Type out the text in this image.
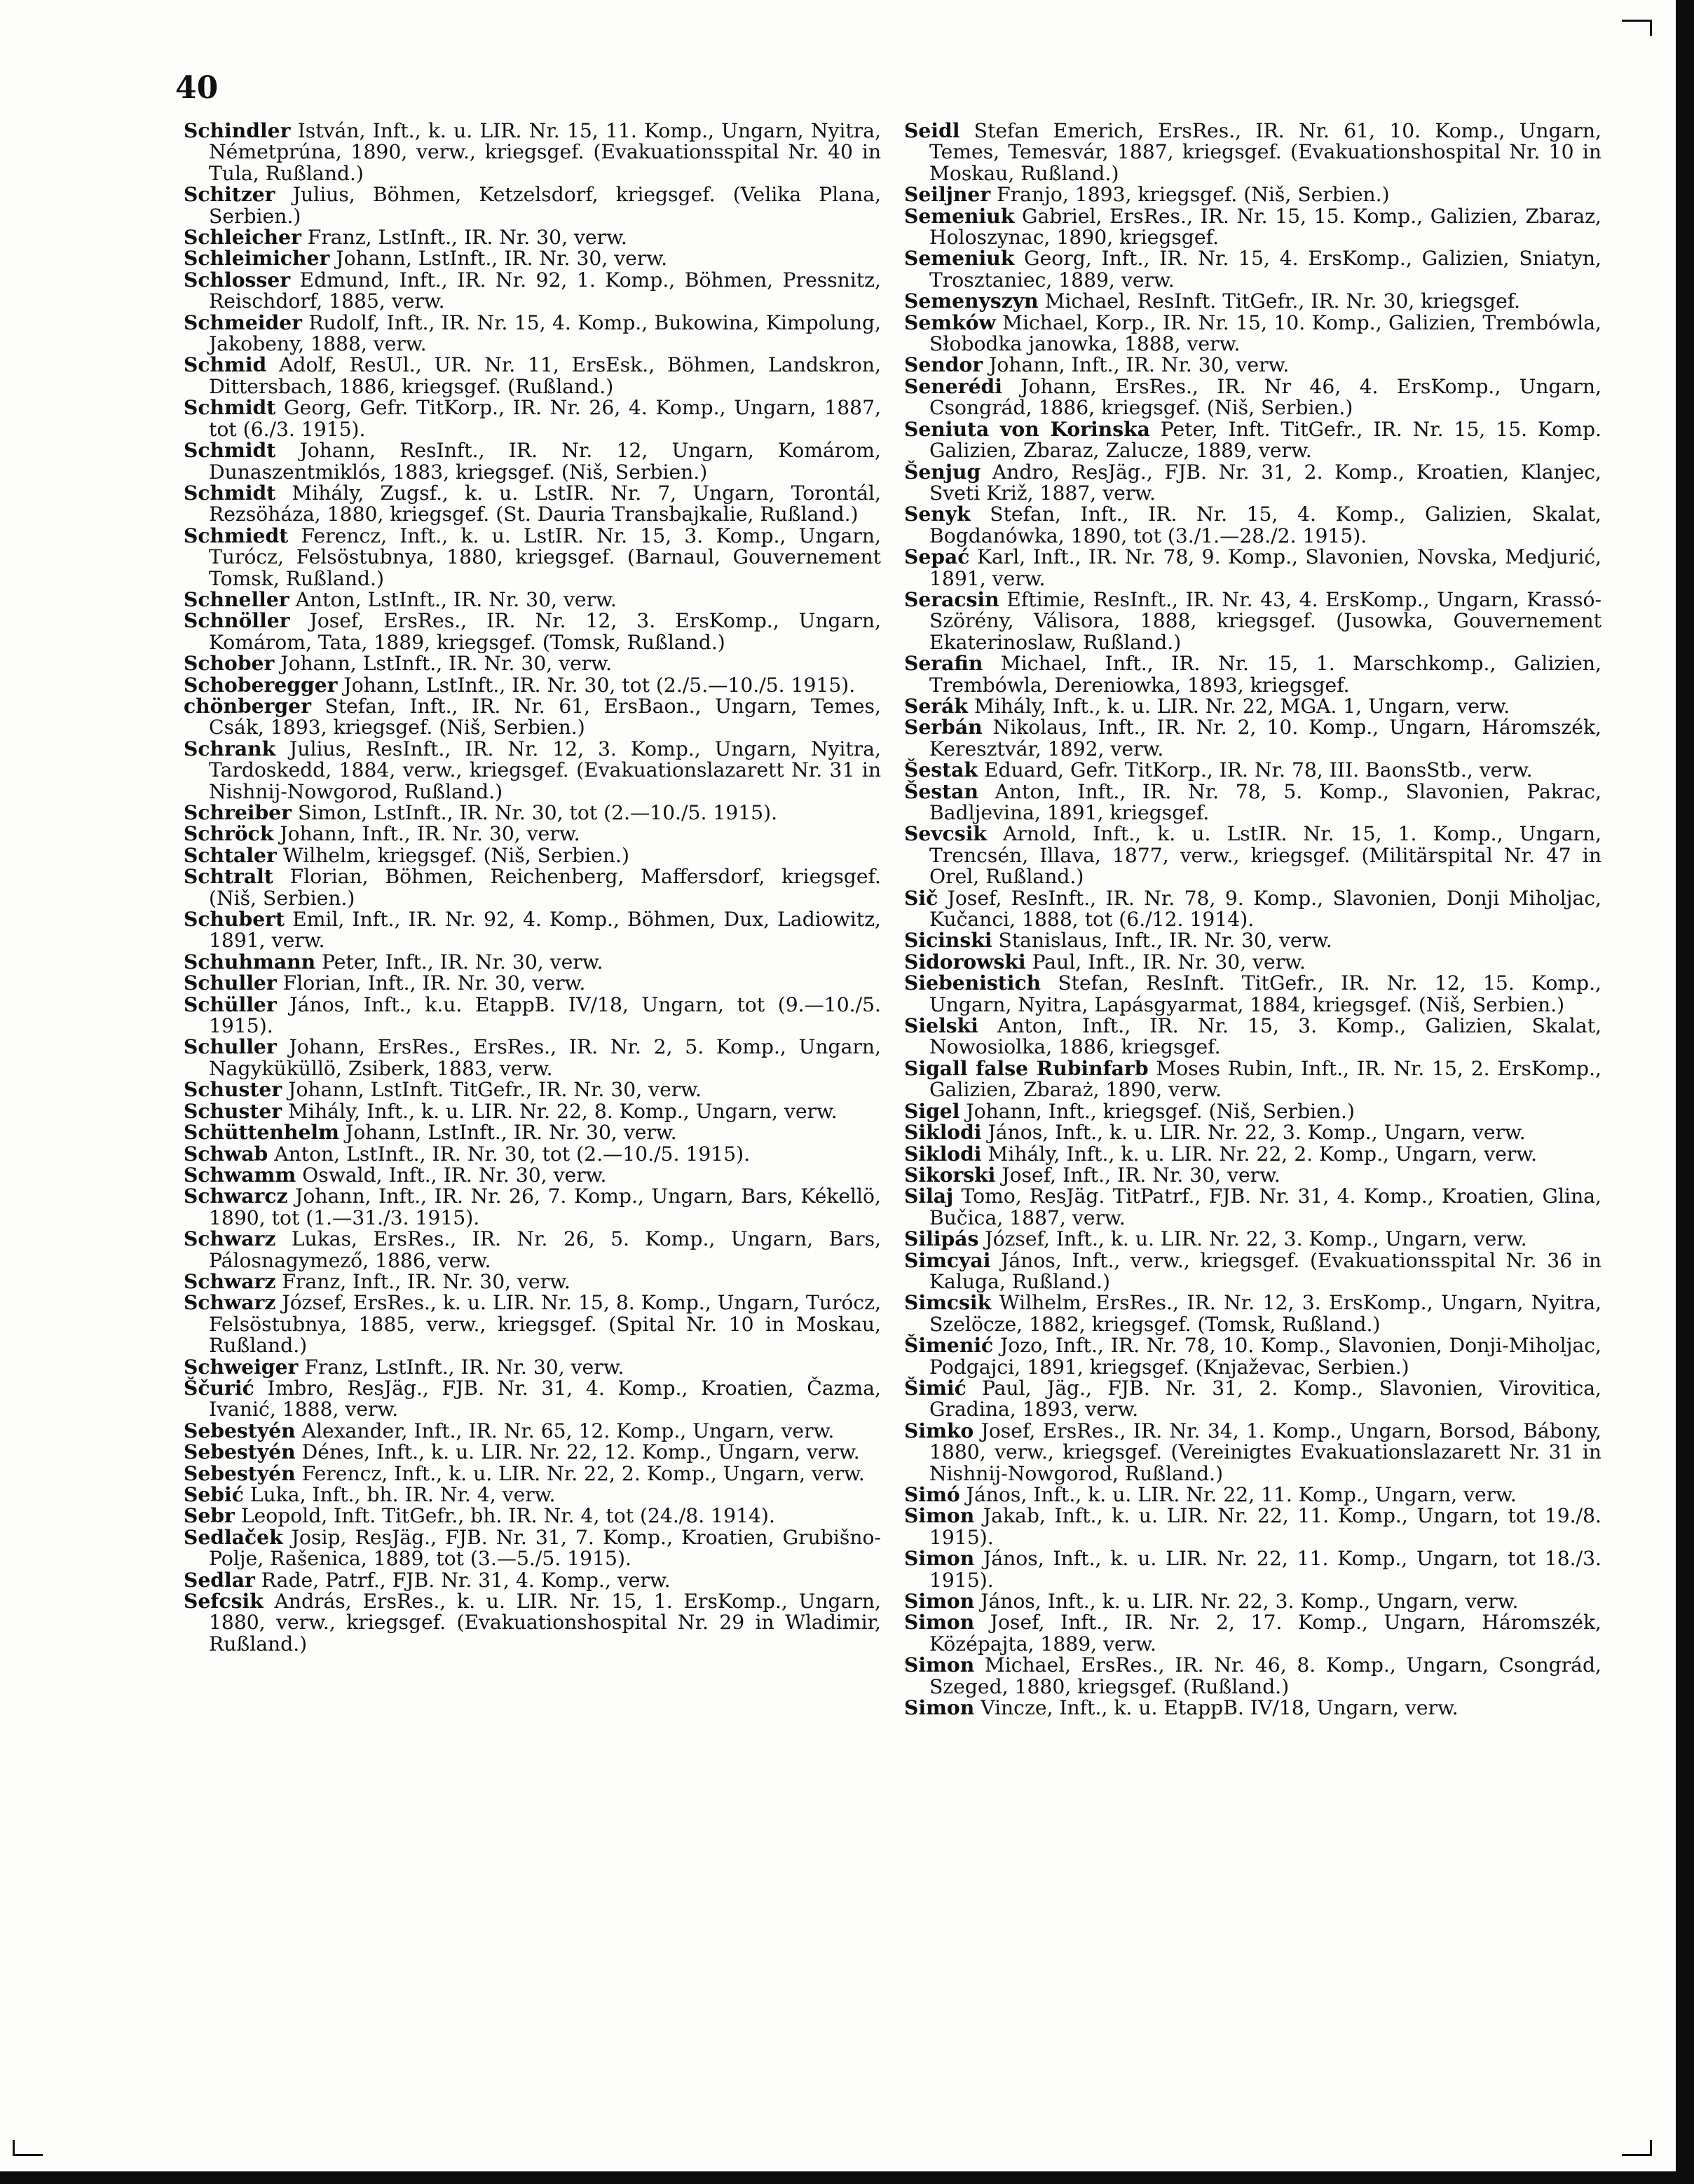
40

Schindler István, Inft., k. u. LIR. Nr. 15, 11. Komp., Ungarn, Nyitra, Németprúna, 1890, verw., kriegsgef. (Evakuationsspital Nr. 40 in Tula, Rußland.)

Schitzer Julius, Böhmen, Ketzelsdorf, kriegsgef. (Velika Plana, Serbien.)

Schleicher Franz, LstInft., IR. Nr. 30, verw.

Schleimicher Johann, LstInft., IR. Nr. 30, verw.

Schlosser Edmund, Inft., IR. Nr. 92, 1. Komp., Böhmen, Pressnitz, Reischdorf, 1885, verw.

Schmeider Rudolf, Inft., IR. Nr. 15, 4. Komp., Bukowina, Kimpolung, Jakobeny, 1888, verw.

Schmid Adolf, ResUl., UR. Nr. 11, ErsEsk., Böhmen, Landskron, Dittersbach, 1886, kriegsgef. (Rußland.)

Schmidt Georg, Gefr. TitKorp., IR. Nr. 26, 4. Komp., Ungarn, 1887, tot (6./3. 1915).

Schmidt Johann, ResInft., IR. Nr. 12, Ungarn, Komárom, Dunaszentmiklós, 1883, kriegsgef. (Niš, Serbien.)

Schmidt Mihály, Zugsf., k. u. LstIR. Nr. 7, Ungarn, Torontál, Rezsöháza, 1880, kriegsgef. (St. Dauria Transbajkalie, Rußland.)

Schmiedt Ferencz, Inft., k. u. LstIR. Nr. 15, 3. Komp., Ungarn, Turócz, Felsöstubnya, 1880, kriegsgef. (Barnaul, Gouvernement Tomsk, Rußland.)

Schneller Anton, LstInft., IR. Nr. 30, verw.

Schnöller Josef, ErsRes., IR. Nr. 12, 3. ErsKomp., Ungarn, Komárom, Tata, 1889, kriegsgef. (Tomsk, Rußland.)

Schober Johann, LstInft., IR. Nr. 30, verw.

Schoberegger Johann, LstInft., IR. Nr. 30, tot (2./5.—10./5. 1915).

chönberger Stefan, Inft., IR. Nr. 61, ErsBaon., Ungarn, Temes, Csák, 1893, kriegsgef. (Niš, Serbien.)

Schrank Julius, ResInft., IR. Nr. 12, 3. Komp., Ungarn, Nyitra, Tardoskedd, 1884, verw., kriegsgef. (Evakuationslazarett Nr. 31 in Nishnij-Nowgorod, Rußland.)

Schreiber Simon, LstInft., IR. Nr. 30, tot (2.—10./5. 1915).

Schröck Johann, Inft., IR. Nr. 30, verw.

Schtaler Wilhelm, kriegsgef. (Niš, Serbien.)

Schtralt Florian, Böhmen, Reichenberg, Maffersdorf, kriegsgef. (Niš, Serbien.)

Schubert Emil, Inft., IR. Nr. 92, 4. Komp., Böhmen, Dux, Ladiowitz, 1891, verw.

Schuhmann Peter, Inft., IR. Nr. 30, verw.

Schuller Florian, Inft., IR. Nr. 30, verw.

Schüller János, Inft., k.u. EtappB. IV/18, Ungarn, tot (9.—10./5. 1915).

Schuller Johann, ErsRes., ErsRes., IR. Nr. 2, 5. Komp., Ungarn, Nagyküküllö, Zsiberk, 1883, verw.

Schuster Johann, LstInft. TitGefr., IR. Nr. 30, verw.

Schuster Mihály, Inft., k. u. LIR. Nr. 22, 8. Komp., Ungarn, verw.

Schüttenhelm Johann, LstInft., IR. Nr. 30, verw.

Schwab Anton, LstInft., IR. Nr. 30, tot (2.—10./5. 1915).

Schwamm Oswald, Inft., IR. Nr. 30, verw.

Schwarcz Johann, Inft., IR. Nr. 26, 7. Komp., Ungarn, Bars, Kékellö, 1890, tot (1.—31./3. 1915).

Schwarz Lukas, ErsRes., IR. Nr. 26, 5. Komp., Ungarn, Bars, Pálosnagymező, 1886, verw.

Schwarz Franz, Inft., IR. Nr. 30, verw.

Schwarz József, ErsRes., k. u. LIR. Nr. 15, 8. Komp., Ungarn, Turócz, Felsöstubnya, 1885, verw., kriegsgef. (Spital Nr. 10 in Moskau, Rußland.)

Schweiger Franz, LstInft., IR. Nr. 30, verw.

Ščurić Imbro, ResJäg., FJB. Nr. 31, 4. Komp., Kroatien, Čazma, Ivanić, 1888, verw.

Sebestyén Alexander, Inft., IR. Nr. 65, 12. Komp., Ungarn, verw.

Sebestyén Dénes, Inft., k. u. LIR. Nr. 22, 12. Komp., Ungarn, verw.

Sebestyén Ferencz, Inft., k. u. LIR. Nr. 22, 2. Komp., Ungarn, verw.

Sebić Luka, Inft., bh. IR. Nr. 4, verw.

Sebr Leopold, Inft. TitGefr., bh. IR. Nr. 4, tot (24./8. 1914).

Sedlaček Josip, ResJäg., FJB. Nr. 31, 7. Komp., Kroatien, Grubišno-Polje, Rašenica, 1889, tot (3.—5./5. 1915).

Sedlar Rade, Patrf., FJB. Nr. 31, 4. Komp., verw.

Sefcsik András, ErsRes., k. u. LIR. Nr. 15, 1. ErsKomp., Ungarn, 1880, verw., kriegsgef. (Evakuationshospital Nr. 29 in Wladimir, Rußland.)

Seidl Stefan Emerich, ErsRes., IR. Nr. 61, 10. Komp., Ungarn, Temes, Temesvár, 1887, kriegsgef. (Evakuationshospital Nr. 10 in Moskau, Rußland.)

Seiljner Franjo, 1893, kriegsgef. (Niš, Serbien.)

Semeniuk Gabriel, ErsRes., IR. Nr. 15, 15. Komp., Galizien, Zbaraz, Holoszynac, 1890, kriegsgef.

Semeniuk Georg, Inft., IR. Nr. 15, 4. ErsKomp., Galizien, Sniatyn, Trosztaniec, 1889, verw.

Semenyszyn Michael, ResInft. TitGefr., IR. Nr. 30, kriegsgef.

Semków Michael, Korp., IR. Nr. 15, 10. Komp., Galizien, Trembówla, Słobodka janowka, 1888, verw.

Sendor Johann, Inft., IR. Nr. 30, verw.

Senerédi Johann, ErsRes., IR. Nr 46, 4. ErsKomp., Ungarn, Csongrád, 1886, kriegsgef. (Niš, Serbien.)

Seniuta von Korinska Peter, Inft. TitGefr., IR. Nr. 15, 15. Komp. Galizien, Zbaraz, Zalucze, 1889, verw.

Šenjug Andro, ResJäg., FJB. Nr. 31, 2. Komp., Kroatien, Klanjec, Sveti Križ, 1887, verw.

Senyk Stefan, Inft., IR. Nr. 15, 4. Komp., Galizien, Skalat, Bogdanówka, 1890, tot (3./1.—28./2. 1915).

Sepać Karl, Inft., IR. Nr. 78, 9. Komp., Slavonien, Novska, Medjurić, 1891, verw.

Seracsin Eftimie, ResInft., IR. Nr. 43, 4. ErsKomp., Ungarn, Krassó-Szörény, Válisora, 1888, kriegsgef. (Jusowka, Gouvernement Ekaterinoslaw, Rußland.)

Serafin Michael, Inft., IR. Nr. 15, 1. Marschkomp., Galizien, Trembówla, Dereniowka, 1893, kriegsgef.

Serák Mihály, Inft., k. u. LIR. Nr. 22, MGA. 1, Ungarn, verw.

Serbán Nikolaus, Inft., IR. Nr. 2, 10. Komp., Ungarn, Háromszék, Keresztvár, 1892, verw.

Šestak Eduard, Gefr. TitKorp., IR. Nr. 78, III. BaonsStb., verw.

Šestan Anton, Inft., IR. Nr. 78, 5. Komp., Slavonien, Pakrac, Badljevina, 1891, kriegsgef.

Sevcsik Arnold, Inft., k. u. LstIR. Nr. 15, 1. Komp., Ungarn, Trencsén, Illava, 1877, verw., kriegsgef. (Militärspital Nr. 47 in Orel, Rußland.)

Sič Josef, ResInft., IR. Nr. 78, 9. Komp., Slavonien, Donji Miholjac, Kučanci, 1888, tot (6./12. 1914).

Sicinski Stanislaus, Inft., IR. Nr. 30, verw.

Sidorowski Paul, Inft., IR. Nr. 30, verw.

Siebenistich Stefan, ResInft. TitGefr., IR. Nr. 12, 15. Komp., Ungarn, Nyitra, Lapásgyarmat, 1884, kriegsgef. (Niš, Serbien.)

Sielski Anton, Inft., IR. Nr. 15, 3. Komp., Galizien, Skalat, Nowosiolka, 1886, kriegsgef.

Sigall false Rubinfarb Moses Rubin, Inft., IR. Nr. 15, 2. ErsKomp., Galizien, Zbaraż, 1890, verw.

Sigel Johann, Inft., kriegsgef. (Niš, Serbien.)

Siklodi János, Inft., k. u. LIR. Nr. 22, 3. Komp., Ungarn, verw.

Siklodi Mihály, Inft., k. u. LIR. Nr. 22, 2. Komp., Ungarn, verw.

Sikorski Josef, Inft., IR. Nr. 30, verw.

Silaj Tomo, ResJäg. TitPatrf., FJB. Nr. 31, 4. Komp., Kroatien, Glina, Bučica, 1887, verw.

Silipás József, Inft., k. u. LIR. Nr. 22, 3. Komp., Ungarn, verw.

Simcyai János, Inft., verw., kriegsgef. (Evakuationsspital Nr. 36 in Kaluga, Rußland.)

Simcsik Wilhelm, ErsRes., IR. Nr. 12, 3. ErsKomp., Ungarn, Nyitra, Szelöcze, 1882, kriegsgef. (Tomsk, Rußland.)

Šimenić Jozo, Inft., IR. Nr. 78, 10. Komp., Slavonien, Donji-Miholjac, Podgajci, 1891, kriegsgef. (Knjaževac, Serbien.)

Šimić Paul, Jäg., FJB. Nr. 31, 2. Komp., Slavonien, Virovitica, Gradina, 1893, verw.

Simko Josef, ErsRes., IR. Nr. 34, 1. Komp., Ungarn, Borsod, Bábony, 1880, verw., kriegsgef. (Vereinigtes Evakuationslazarett Nr. 31 in Nishnij-Nowgorod, Rußland.)

Simó János, Inft., k. u. LIR. Nr. 22, 11. Komp., Ungarn, verw.

Simon Jakab, Inft., k. u. LIR. Nr. 22, 11. Komp., Ungarn, tot 19./8. 1915).

Simon János, Inft., k. u. LIR. Nr. 22, 11. Komp., Ungarn, tot 18./3. 1915).

Simon János, Inft., k. u. LIR. Nr. 22, 3. Komp., Ungarn, verw.

Simon Josef, Inft., IR. Nr. 2, 17. Komp., Ungarn, Háromszék, Középajta, 1889, verw.

Simon Michael, ErsRes., IR. Nr. 46, 8. Komp., Ungarn, Csongrád, Szeged, 1880, kriegsgef. (Rußland.)

Simon Vincze, Inft., k. u. EtappB. IV/18, Ungarn, verw.
